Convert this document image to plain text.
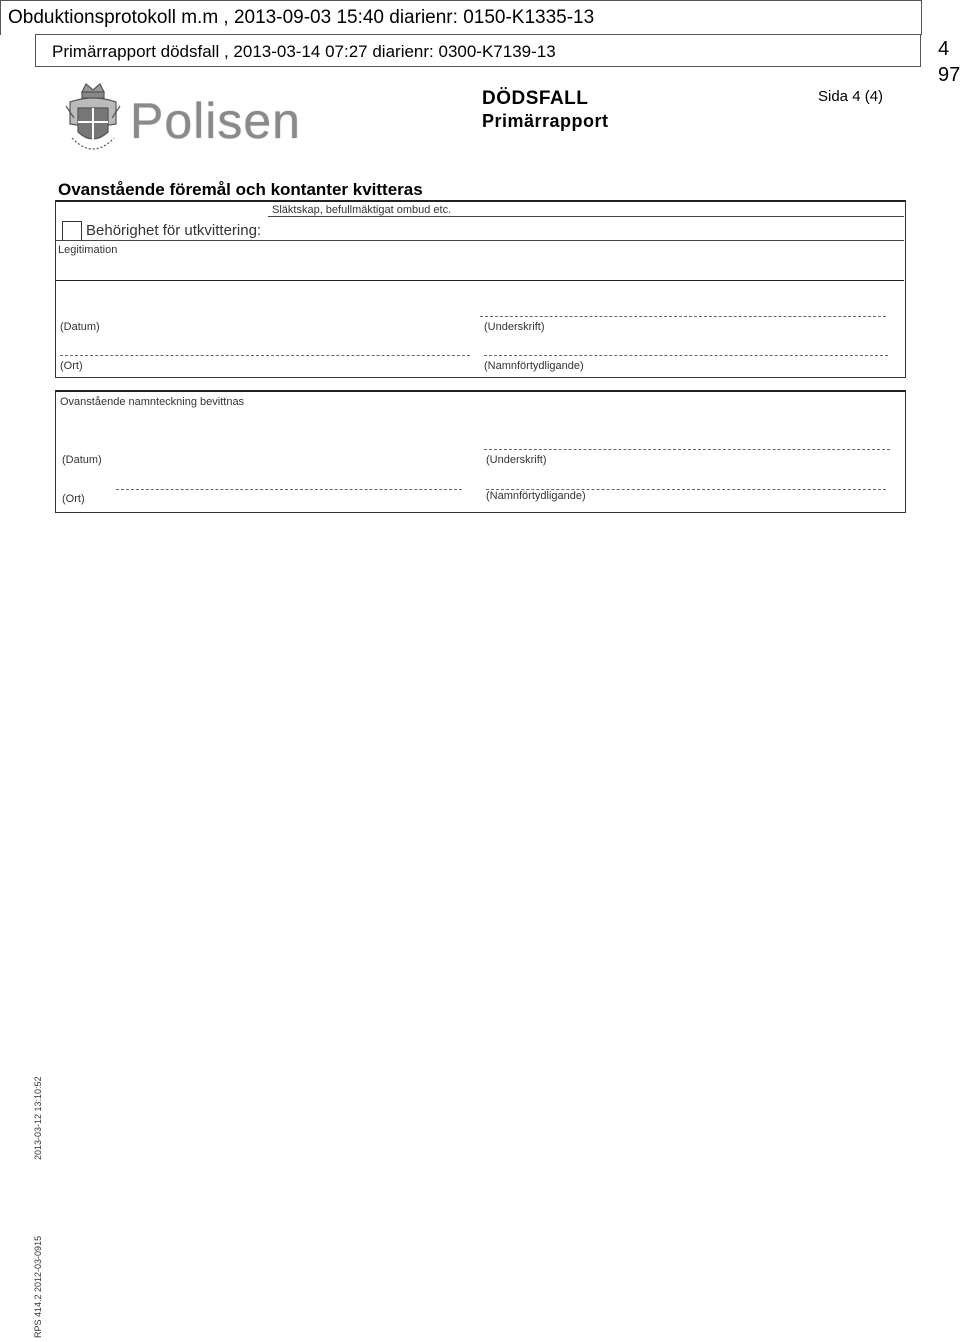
Obduktionsprotokoll m.m , 2013-09-03 15:40 diarienr: 0150-K1335-13
Primärrapport dödsfall , 2013-03-14 07:27 diarienr: 0300-K7139-13	4
97
Polisen	DÖDSFALL
Primärrapport
Sida 4 (4)
Ovanstående föremål och kontanter kvitteras
Släktskap, befullmäktigat ombud etc.
Behörighet för utkvittering:
Legitimation
(Datum)	(Underskrift)
(Ort)	(Namnförtydligande)
Ovanstående namnteckning bevittnas
(Datum)	(Underskrift)
(Ort)	(Namnförtydligande)
2013-03-12 13:10:52
RPS 414.2 2012-03-0915
